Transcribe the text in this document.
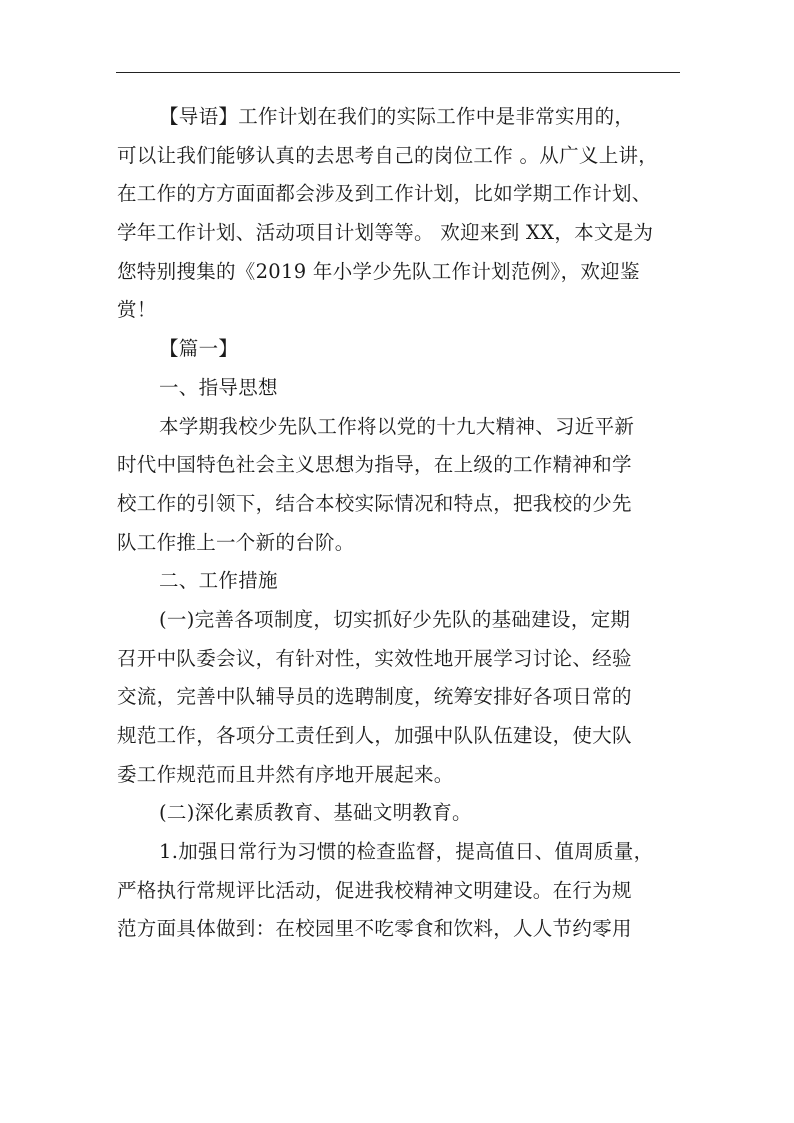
【导语】工作计划在我们的实际工作中是非常实用的，
可以让我们能够认真的去思考自己的岗位工作 。从广义上讲，
在工作的方方面面都会涉及到工作计划，比如学期工作计划、
学年工作计划、活动项目计划等等。 欢迎来到 XX，本文是为
您特别搜集的《2019 年小学少先队工作计划范例》，欢迎鉴
赏！
【篇一】
一、指导思想
本学期我校少先队工作将以党的十九大精神、习近平新
时代中国特色社会主义思想为指导，在上级的工作精神和学
校工作的引领下，结合本校实际情况和特点，把我校的少先
队工作推上一个新的台阶。
二、工作措施
(一)完善各项制度，切实抓好少先队的基础建设，定期
召开中队委会议，有针对性，实效性地开展学习讨论、经验
交流，完善中队辅导员的选聘制度，统筹安排好各项日常的
规范工作，各项分工责任到人，加强中队队伍建设，使大队
委工作规范而且井然有序地开展起来。
(二)深化素质教育、基础文明教育。
1.加强日常行为习惯的检查监督，提高值日、值周质量，
严格执行常规评比活动，促进我校精神文明建设。在行为规
范方面具体做到：在校园里不吃零食和饮料，人人节约零用
